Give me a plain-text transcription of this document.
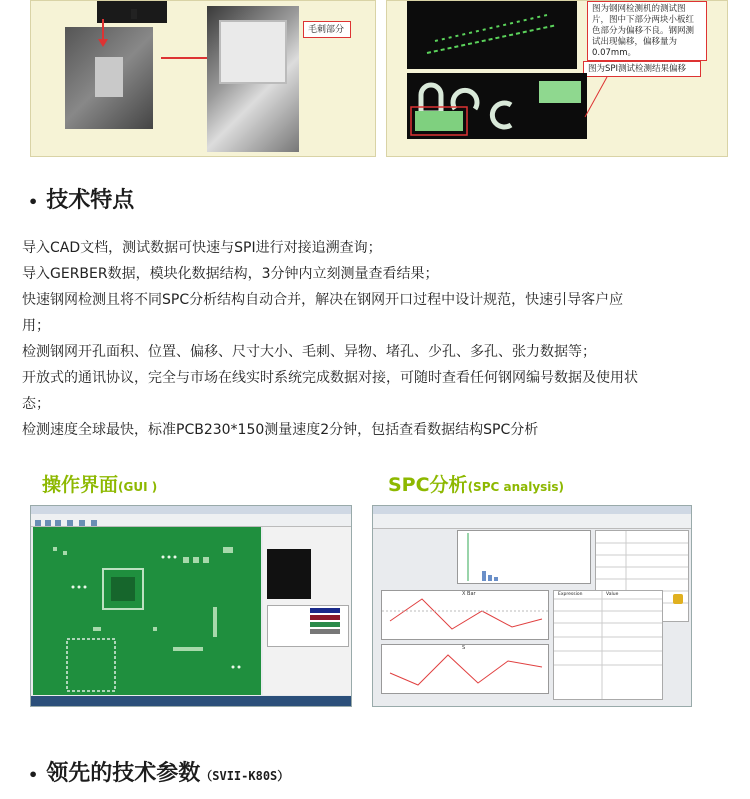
毛刺部分
图为钢网检测机的测试图片，图中下部分两块小板红色部分为偏移不良。钢网测试出现偏移，偏移量为0.07mm。
图为SPI测试检测结果偏移
• 技术特点
导入CAD文档，测试数据可快速与SPI进行对接追溯查询；
导入GERBER数据，模块化数据结构，3分钟内立刻测量查看结果；
快速钢网检测且将不同SPC分析结构自动合并，解决在钢网开口过程中设计规范，快速引导客户应
用；
检测钢网开孔面积、位置、偏移、尺寸大小、毛刺、异物、堵孔、少孔、多孔、张力数据等；
开放式的通讯协议，完全与市场在线实时系统完成数据对接，可随时查看任何钢网编号数据及使用状
态；
检测速度全球最快，标准PCB230*150测量速度2分钟，包括查看数据结构SPC分析
操作界面(GUI )	SPC分析(SPC analysis)
X Bar
S
Expression	Value
• 领先的技术参数（SVII-K80S）
